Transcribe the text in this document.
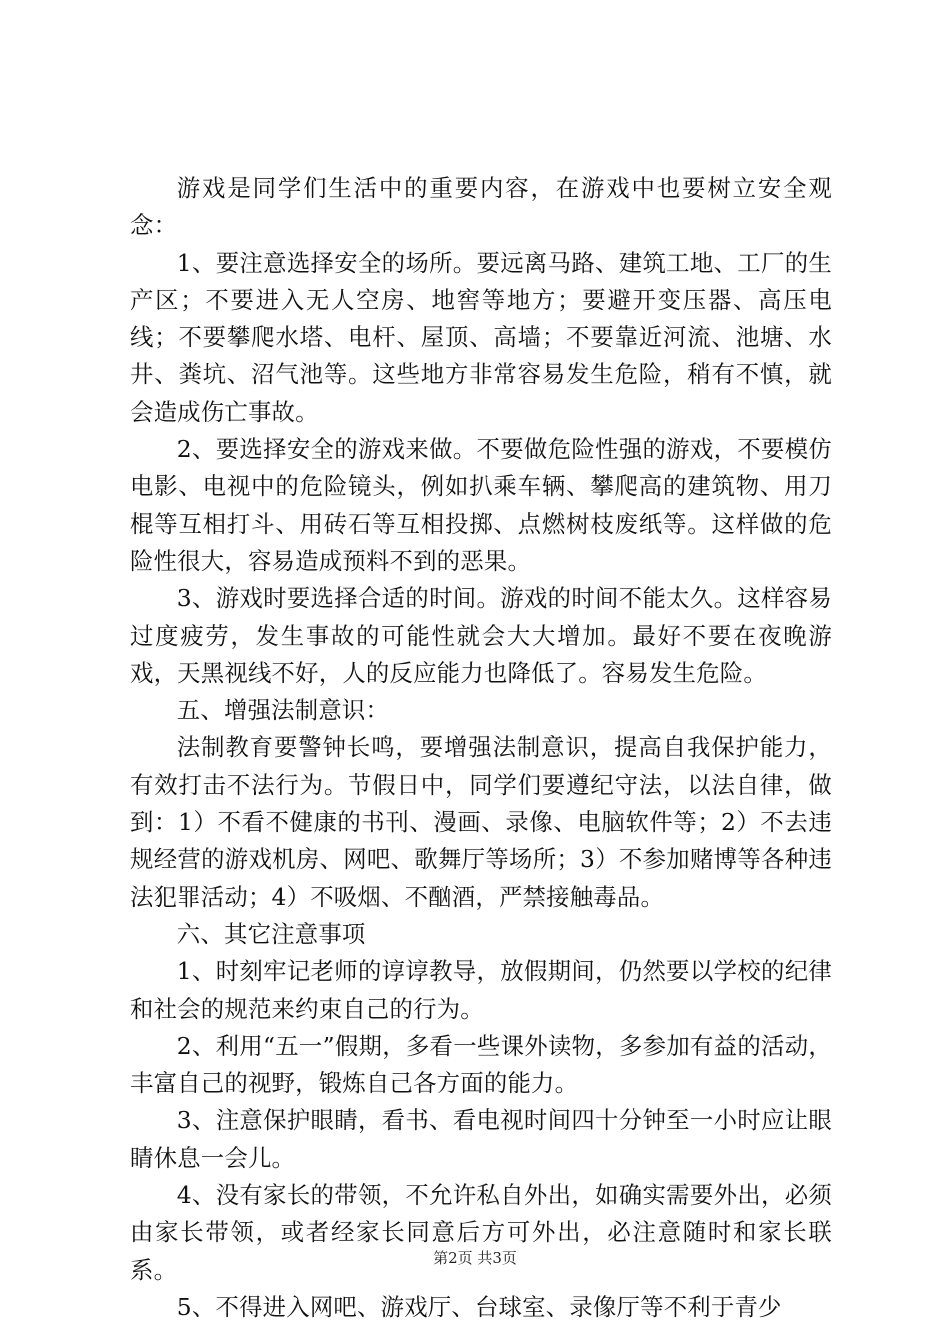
游戏是同学们生活中的重要内容，在游戏中也要树立安全观念：

1、要注意选择安全的场所。要远离马路、建筑工地、工厂的生产区；不要进入无人空房、地窖等地方；要避开变压器、高压电线；不要攀爬水塔、电杆、屋顶、高墙；不要靠近河流、池塘、水井、粪坑、沼气池等。这些地方非常容易发生危险，稍有不慎，就会造成伤亡事故。

2、要选择安全的游戏来做。不要做危险性强的游戏，不要模仿电影、电视中的危险镜头，例如扒乘车辆、攀爬高的建筑物、用刀棍等互相打斗、用砖石等互相投掷、点燃树枝废纸等。这样做的危险性很大，容易造成预料不到的恶果。

3、游戏时要选择合适的时间。游戏的时间不能太久。这样容易过度疲劳，发生事故的可能性就会大大增加。最好不要在夜晚游戏，天黑视线不好，人的反应能力也降低了。容易发生危险。

五、增强法制意识：

法制教育要警钟长鸣，要增强法制意识，提高自我保护能力，有效打击不法行为。节假日中，同学们要遵纪守法，以法自律，做到：1）不看不健康的书刊、漫画、录像、电脑软件等；2）不去违规经营的游戏机房、网吧、歌舞厅等场所；3）不参加赌博等各种违法犯罪活动；4）不吸烟、不酗酒，严禁接触毒品。

六、其它注意事项

1、时刻牢记老师的谆谆教导，放假期间，仍然要以学校的纪律和社会的规范来约束自己的行为。

2、利用“五一”假期，多看一些课外读物，多参加有益的活动，丰富自己的视野，锻炼自己各方面的能力。

3、注意保护眼睛，看书、看电视时间四十分钟至一小时应让眼睛休息一会儿。

4、没有家长的带领，不允许私自外出，如确实需要外出，必须由家长带领，或者经家长同意后方可外出，必注意随时和家长联系。

5、不得进入网吧、游戏厅、台球室、录像厅等不利于青少

第2页 共3页
